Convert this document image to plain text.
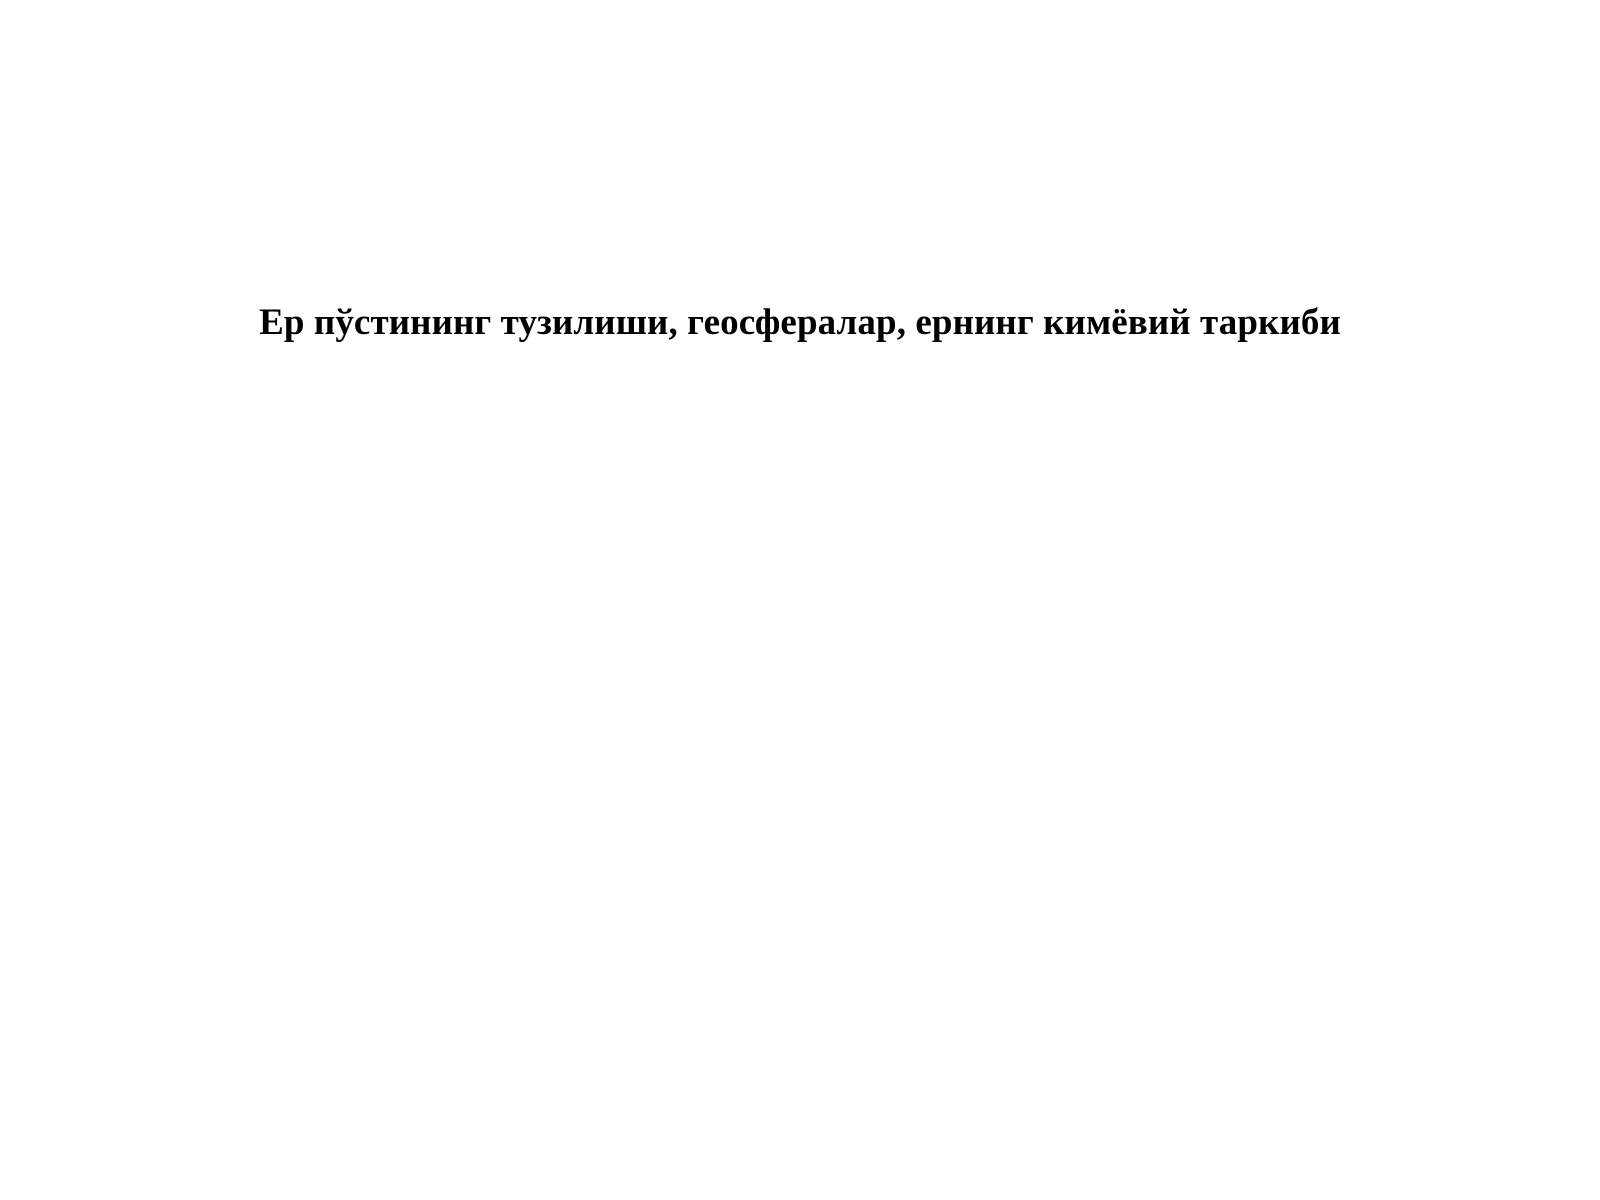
Ер пўстининг тузилиши, геосфералар, ернинг кимёвий таркиби
